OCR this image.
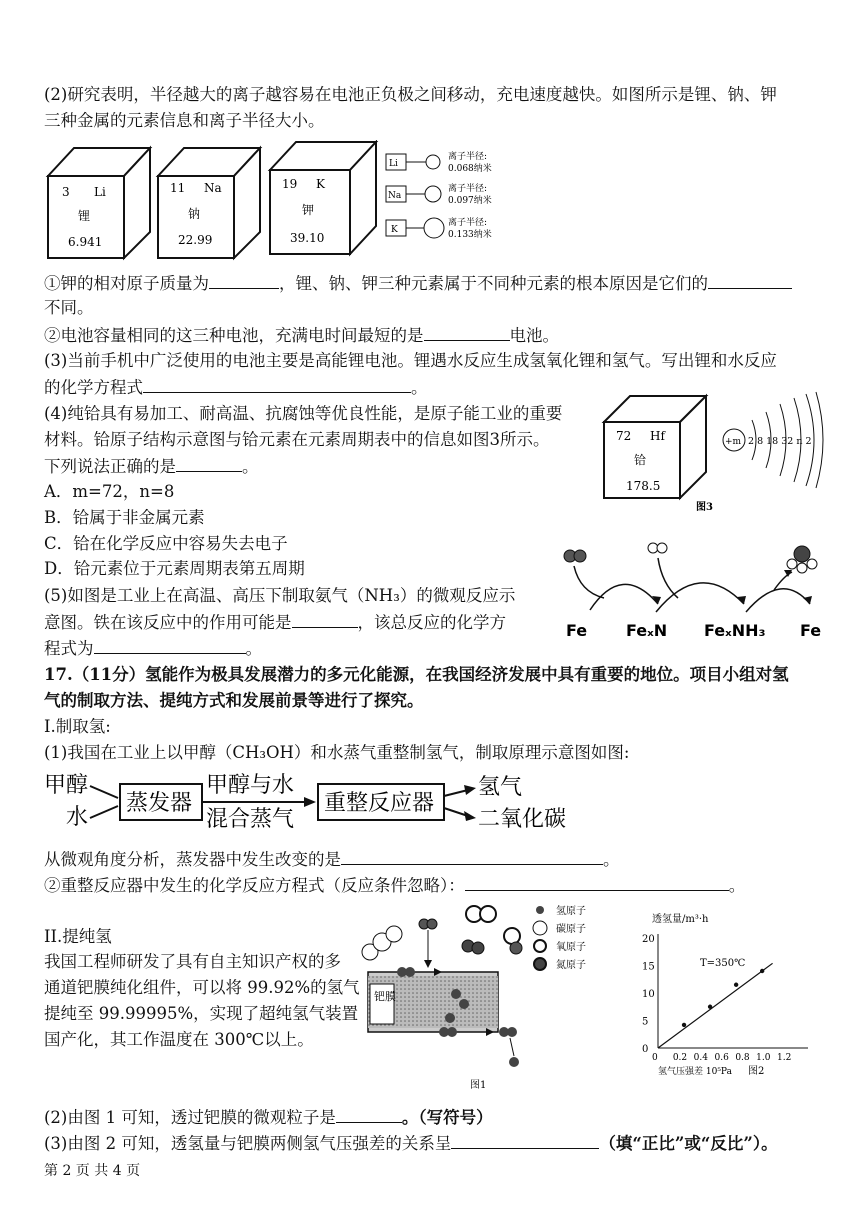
(2)研究表明，半径越大的离子越容易在电池正负极之间移动，充电速度越快。如图所示是锂、钠、钾
三种金属的元素信息和离子半径大小。
3 Li
锂
6.941
11 Na
钠
22.99
19 K
钾
39.10
Li
离子半径:
0.068纳米
Na
离子半径:
0.097纳米
K
离子半径:
0.133纳米
①钾的相对原子质量为	，锂、钠、钾三种元素属于不同种元素的根本原因是它们的
不同。
②电池容量相同的这三种电池，充满电时间最短的是	电池。
(3)当前手机中广泛使用的电池主要是高能锂电池。锂遇水反应生成氢氧化锂和氢气。写出锂和水反应
的化学方程式	。
(4)纯铪具有易加工、耐高温、抗腐蚀等优良性能，是原子能工业的重要
材料。铪原子结构示意图与铪元素在元素周期表中的信息如图3所示。
下列说法正确的是	。
A．m=72，n=8
B．铪属于非金属元素
C．铪在化学反应中容易失去电子
D．铪元素位于元素周期表第五周期
72 Hf
铪
178.5
+m 2 8 18 32 n 2
图3
(5)如图是工业上在高温、高压下制取氨气（NH₃）的微观反应示
意图。铁在该反应中的作用可能是	，该总反应的化学方
程式为	。
Fe FeₓN FeₓNH₃ Fe
17.（11分）氢能作为极具发展潜力的多元化能源，在我国经济发展中具有重要的地位。项目小组对氢
气的制取方法、提纯方式和发展前景等进行了探究。
I.制取氢:
(1)我国在工业上以甲醇（CH₃OH）和水蒸气重整制氢气，制取原理示意图如图:
甲醇
水
蒸发器
甲醇与水
混合蒸气
重整反应器
氢气
二氧化碳
从微观角度分析，蒸发器中发生改变的是	。
②重整反应器中发生的化学反应方程式（反应条件忽略）：	。
II.提纯氢
我国工程师研发了具有自主知识产权的多
通道钯膜纯化组件，可以将 99.92%的氢气
提纯至 99.99995%，实现了超纯氢气装置
国产化，其工作温度在 300℃以上。
钯膜
图1
氢原子
碳原子
氧原子
氮原子
透氢量/m³·h
0
5
10
15
20
0 0.2 0.4 0.6 0.8 1.0 1.2
T=350℃
氢气压强差 10⁵Pa 图2
(2)由图 1 可知，透过钯膜的微观粒子是	。（写符号）
(3)由图 2 可知，透氢量与钯膜两侧氢气压强差的关系呈	（填“正比”或“反比”）。
第 2 页 共 4 页
